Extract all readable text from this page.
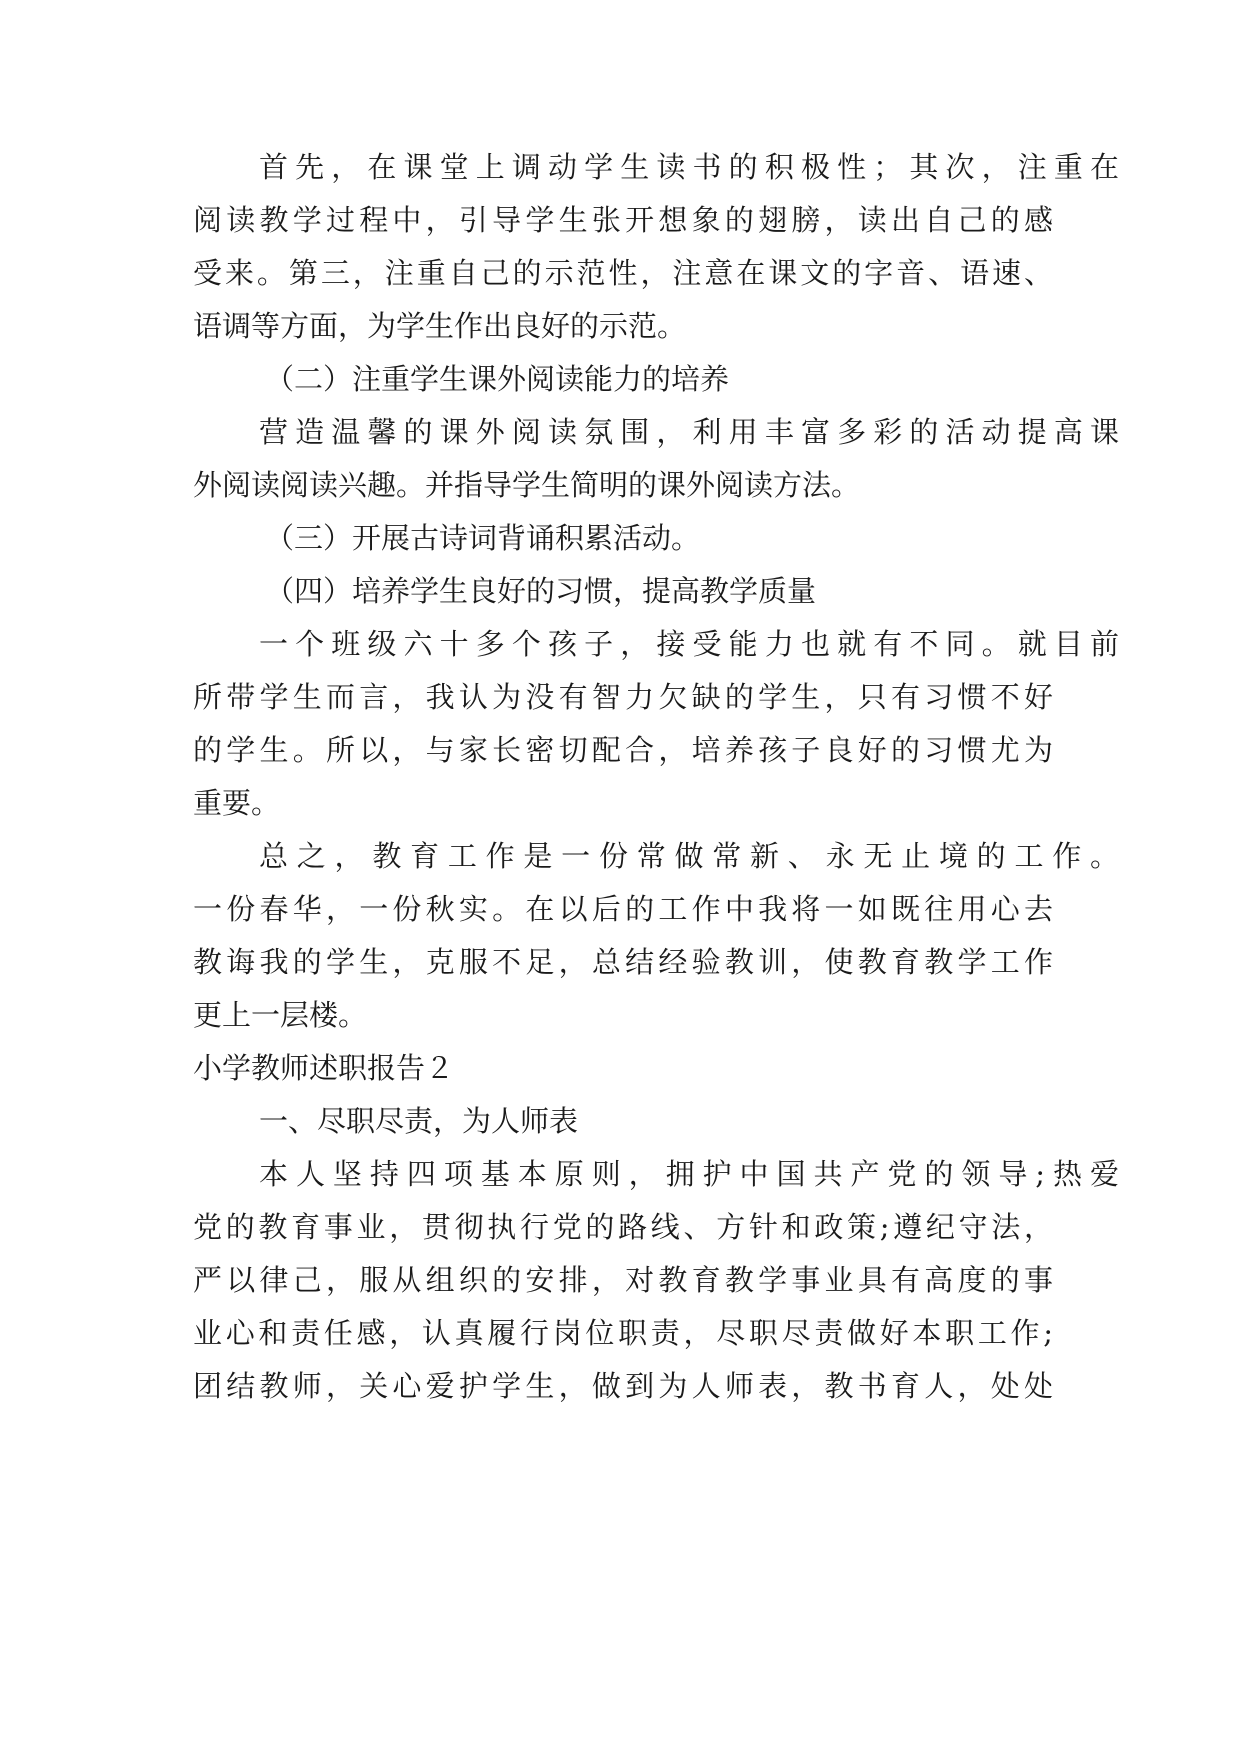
首先，在课堂上调动学生读书的积极性；其次，注重在
阅读教学过程中，引导学生张开想象的翅膀，读出自己的感
受来。第三，注重自己的示范性，注意在课文的字音、语速、
语调等方面，为学生作出良好的示范。
（二）注重学生课外阅读能力的培养
营造温馨的课外阅读氛围，利用丰富多彩的活动提高课
外阅读阅读兴趣。并指导学生简明的课外阅读方法。
（三）开展古诗词背诵积累活动。
（四）培养学生良好的习惯，提高教学质量
一个班级六十多个孩子，接受能力也就有不同。就目前
所带学生而言，我认为没有智力欠缺的学生，只有习惯不好
的学生。所以，与家长密切配合，培养孩子良好的习惯尤为
重要。
总之，教育工作是一份常做常新、永无止境的工作。
一份春华，一份秋实。在以后的工作中我将一如既往用心去
教诲我的学生，克服不足，总结经验教训，使教育教学工作
更上一层楼。
小学教师述职报告２
一、尽职尽责，为人师表
本人坚持四项基本原则，拥护中国共产党的领导;热爱
党的教育事业，贯彻执行党的路线、方针和政策;遵纪守法，
严以律己，服从组织的安排，对教育教学事业具有高度的事
业心和责任感，认真履行岗位职责，尽职尽责做好本职工作;
团结教师，关心爱护学生，做到为人师表，教书育人，处处
